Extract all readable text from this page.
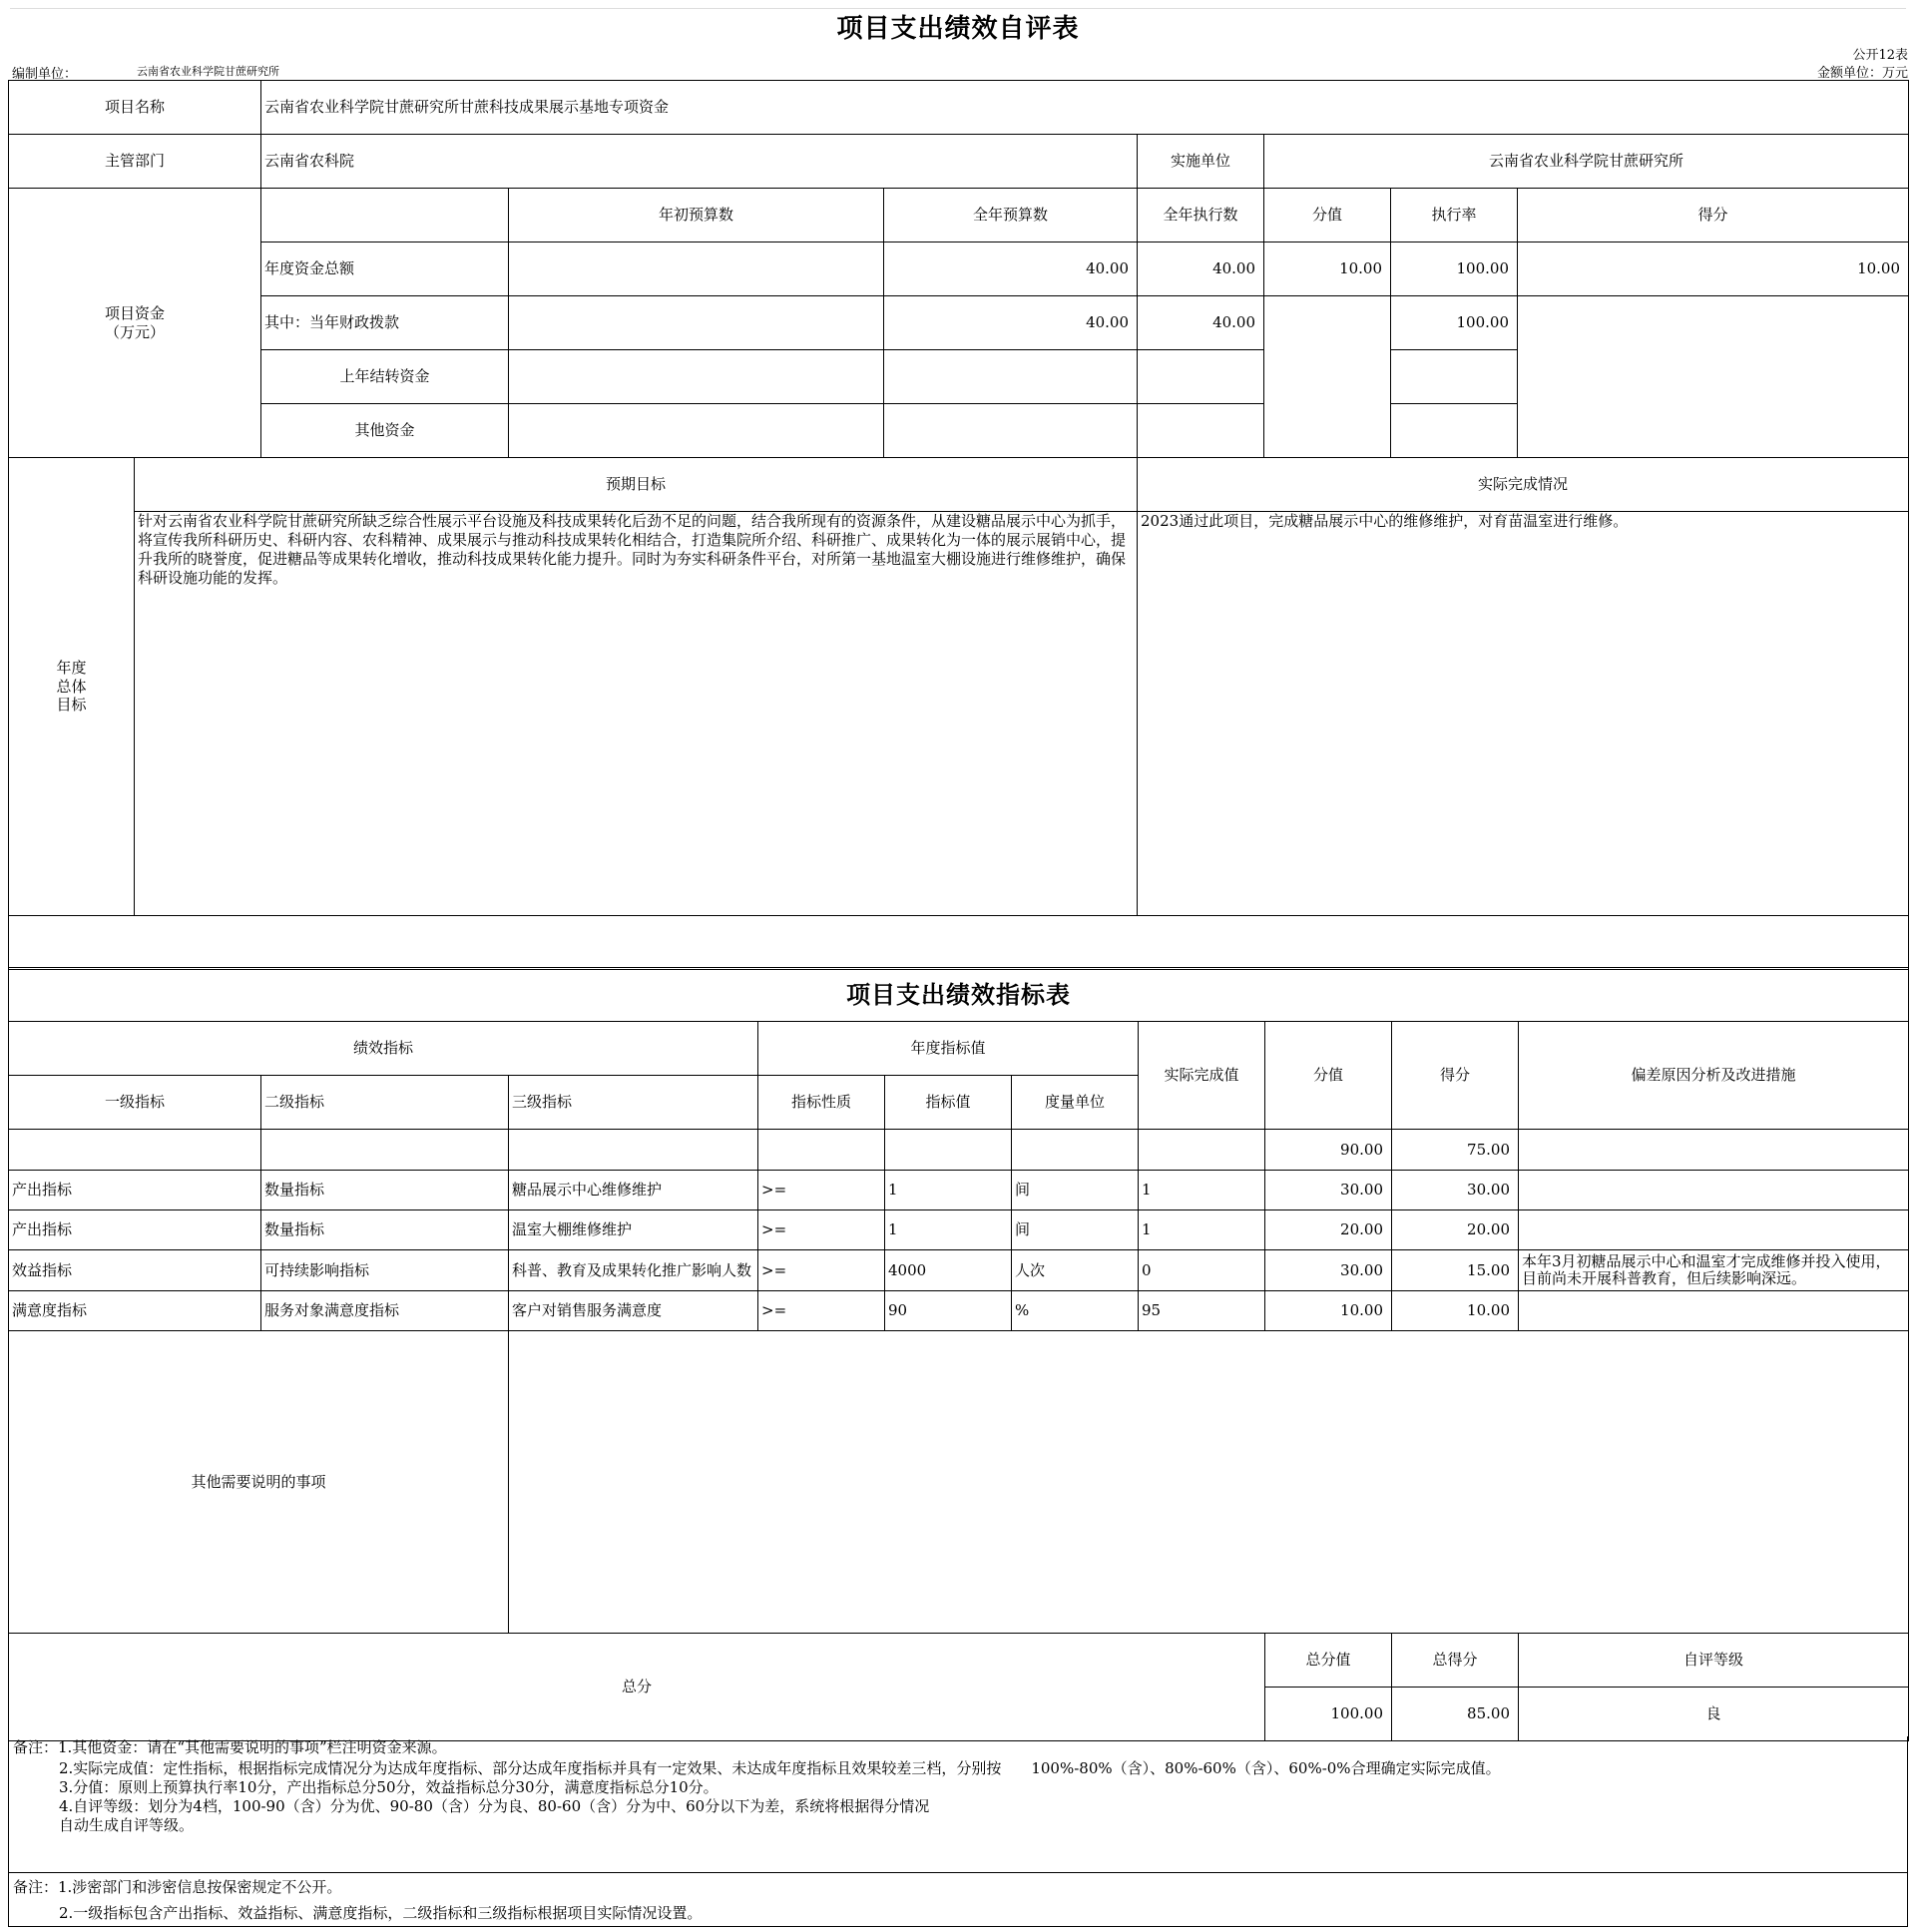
项目支出绩效自评表
编制单位：	云南省农业科学院甘蔗研究所
公开12表
金额单位：万元
项目名称		云南省农业科学院甘蔗研究所甘蔗科技成果展示基地专项资金						
主管部门		云南省农科院			实施单位	云南省农业科学院甘蔗研究所		

项目资金
（万元）			年初预算数	全年预算数	全年执行数	分值	执行率	得分
		年度资金总额		40.00	40.00	10.00	100.00	10.00
		其中：当年财政拨款		40.00	40.00		100.00	
		上年结转资金						
		其他资金						

年度
总体
目标	预期目标				实际完成情况			
	针对云南省农业科学院甘蔗研究所缺乏综合性展示平台设施及科技成果转化后劲不足的问题，结合我所现有的资源条件，从建设糖品展示中心为抓手，将宣传我所科研历史、科研内容、农科精神、成果展示与推动科技成果转化相结合，打造集院所介绍、科研推广、成果转化为一体的展示展销中心，提升我所的晓誉度，促进糖品等成果转化增收，推动科技成果转化能力提升。同时为夯实科研条件平台，对所第一基地温室大棚设施进行维修维护，确保科研设施功能的发挥。				2023通过此项目，完成糖品展示中心的维修维护，对育苗温室进行维修。			

项目支出绩效指标表									
绩效指标			年度指标值			实际完成值	分值	得分	偏差原因分析及改进措施
一级指标	二级指标	三级指标	指标性质	指标值	度量单位				
							90.00	75.00	
产出指标	数量指标	糖品展示中心维修维护	>=	1	间	1	30.00	30.00	
产出指标	数量指标	温室大棚维修维护	>=	1	间	1	20.00	20.00	
效益指标	可持续影响指标	科普、教育及成果转化推广影响人数	>=	4000	人次	0	30.00	15.00	本年3月初糖品展示中心和温室才完成维修并投入使用，目前尚未开展科普教育，但后续影响深远。
满意度指标	服务对象满意度指标	客户对销售服务满意度	>=	90	%	95	10.00	10.00	
其他需要说明的事项									
总分							总分值	总得分	自评等级
							100.00	85.00	良
备注：1.其他资金：请在“其他需要说明的事项”栏注明资金来源。
2.实际完成值：定性指标，根据指标完成情况分为达成年度指标、部分达成年度指标并具有一定效果、未达成年度指标且效果较差三档，分别按　　100%-80%（含）、80%-60%（含）、60%-0%合理确定实际完成值。
3.分值：原则上预算执行率10分，产出指标总分50分，效益指标总分30分，满意度指标总分10分。
4.自评等级：划分为4档，100-90（含）分为优、90-80（含）分为良、80-60（含）分为中、60分以下为差，系统将根据得分情况
自动生成自评等级。
备注：1.涉密部门和涉密信息按保密规定不公开。
2.一级指标包含产出指标、效益指标、满意度指标，二级指标和三级指标根据项目实际情况设置。
